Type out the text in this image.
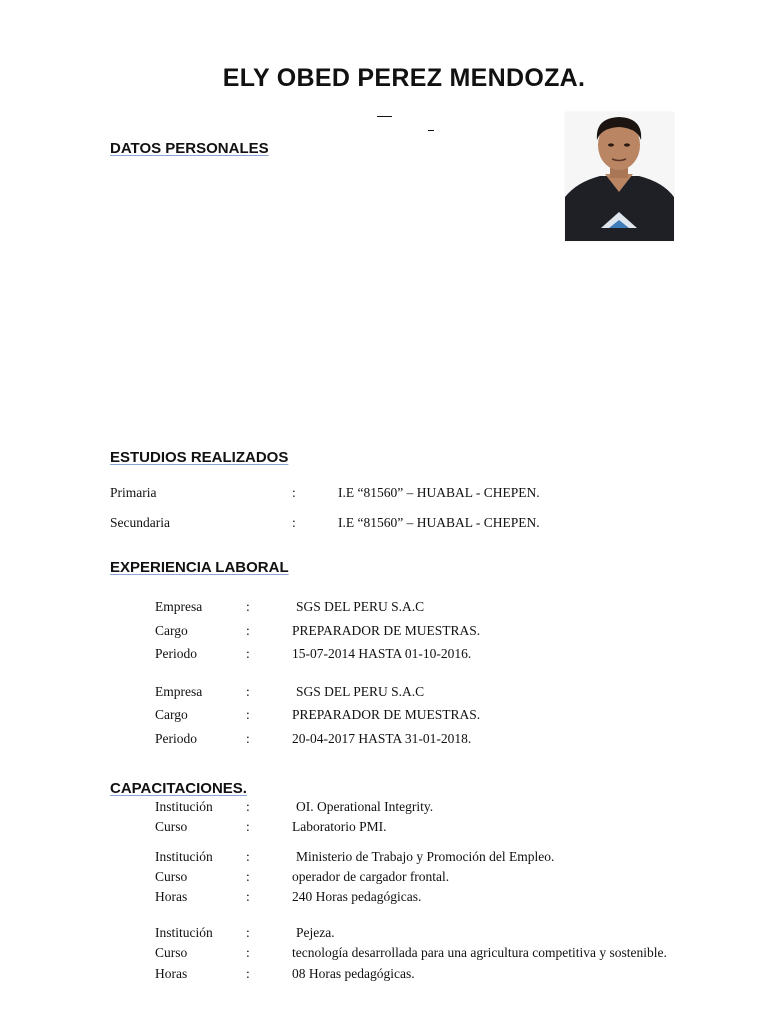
ELY OBED PEREZ MENDOZA.
DATOS PERSONALES
ESTUDIOS REALIZADOS
Primaria	:	I.E “81560” – HUABAL - CHEPEN.
Secundaria	:	I.E “81560” – HUABAL - CHEPEN.
EXPERIENCIA LABORAL
Empresa	:	SGS DEL PERU S.A.C
Cargo	:	PREPARADOR DE MUESTRAS.
Periodo	:	15-07-2014 HASTA 01-10-2016.
Empresa	:	SGS DEL PERU S.A.C
Cargo	:	PREPARADOR DE MUESTRAS.
Periodo	:	20-04-2017 HASTA 31-01-2018.
CAPACITACIONES.
Institución :	OI. Operational Integrity.
Curso	:	Laboratorio PMI.
Institución :	Ministerio de Trabajo y Promoción del Empleo.
Curso	:	operador de cargador frontal.
Horas	:	240 Horas pedagógicas.
Institución :	Pejeza.
Curso	:	tecnología desarrollada para una agricultura competitiva y sostenible.
Horas	:	08 Horas pedagógicas.
